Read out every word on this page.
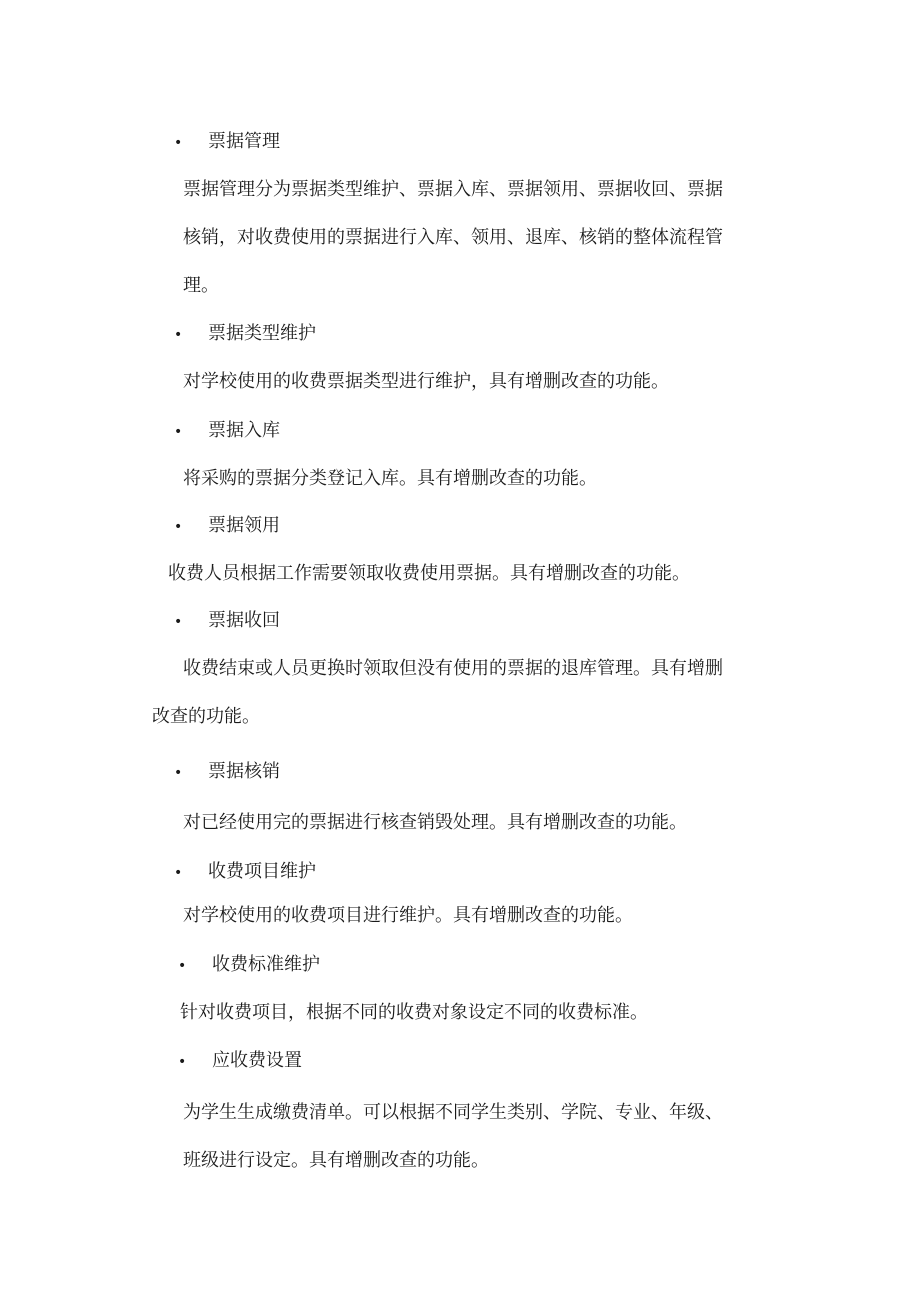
• 票据管理
票据管理分为票据类型维护、票据入库、票据领用、票据收回、票据
核销，对收费使用的票据进行入库、领用、退库、核销的整体流程管
理。
• 票据类型维护
对学校使用的收费票据类型进行维护，具有增删改查的功能。
• 票据入库
将采购的票据分类登记入库。具有增删改查的功能。
• 票据领用
收费人员根据工作需要领取收费使用票据。具有增删改查的功能。
• 票据收回
收费结束或人员更换时领取但没有使用的票据的退库管理。具有增删
改查的功能。
• 票据核销
对已经使用完的票据进行核查销毁处理。具有增删改查的功能。
• 收费项目维护
对学校使用的收费项目进行维护。具有增删改查的功能。
• 收费标准维护
针对收费项目，根据不同的收费对象设定不同的收费标准。
• 应收费设置
为学生生成缴费清单。可以根据不同学生类别、学院、专业、年级、
班级进行设定。具有增删改查的功能。
